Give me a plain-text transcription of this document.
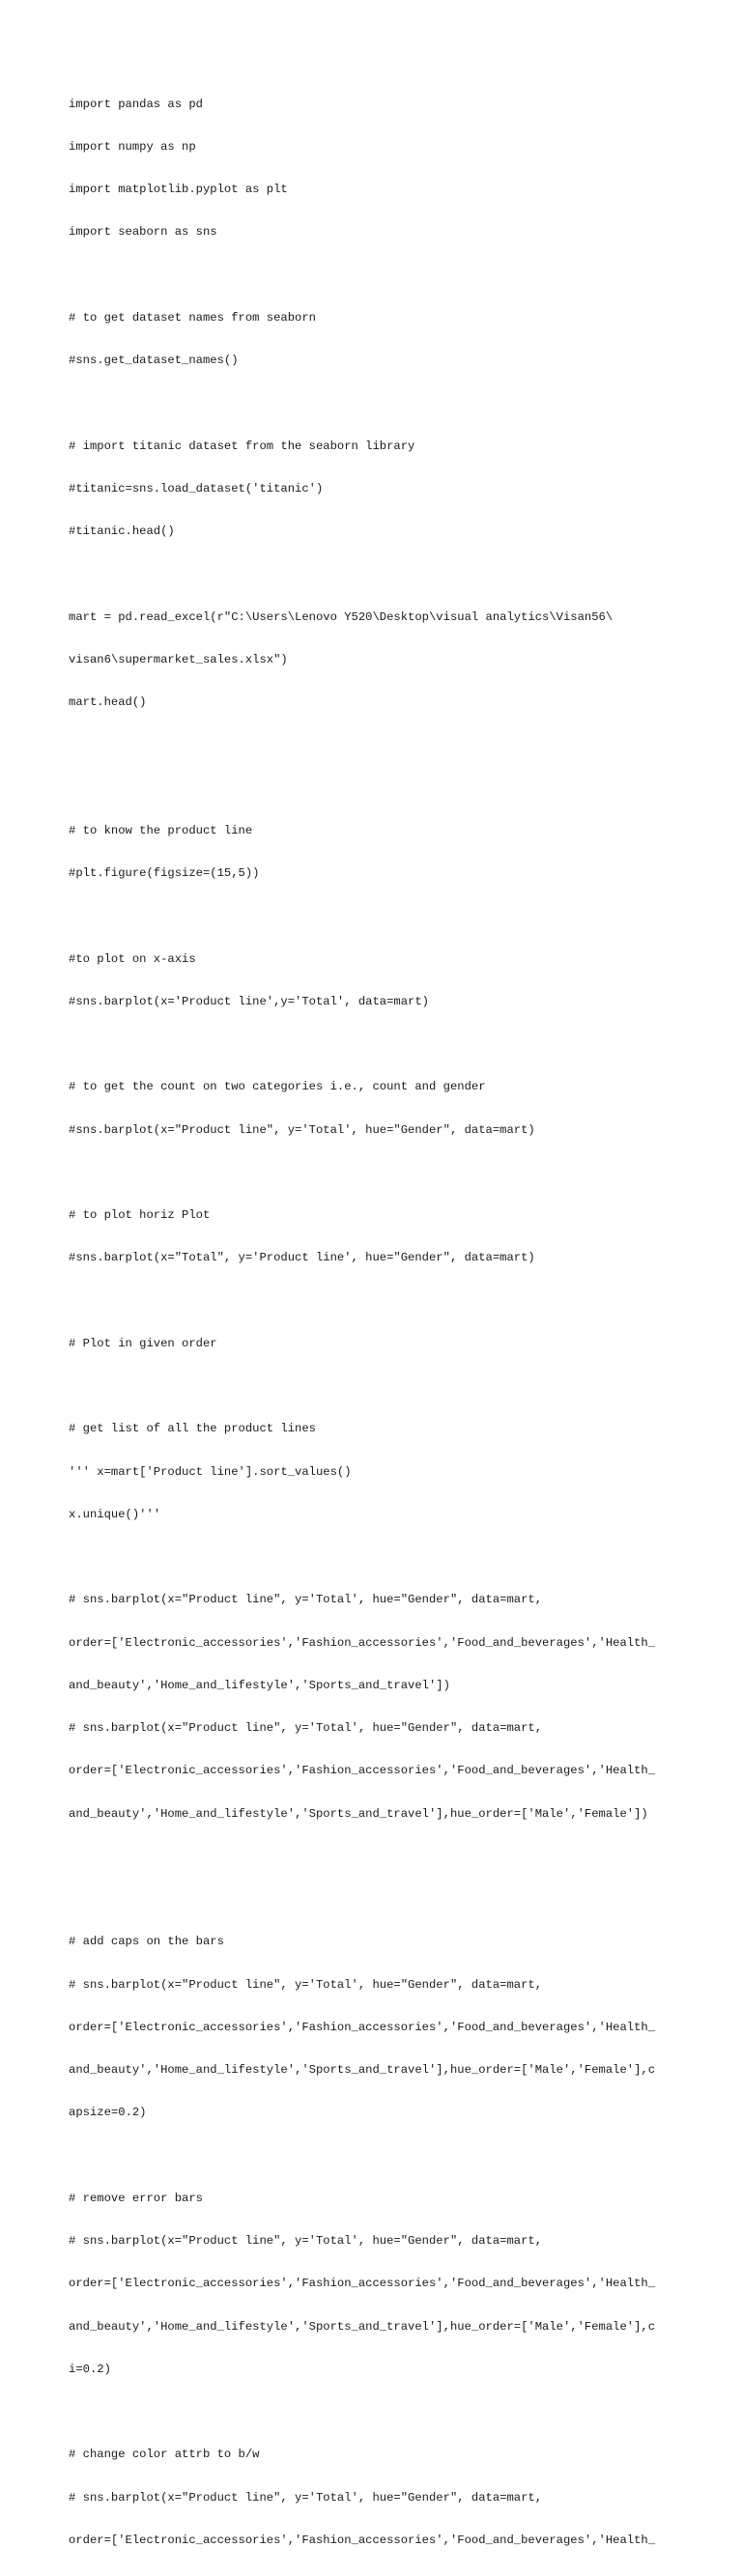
import pandas as pd

import numpy as np

import matplotlib.pyplot as plt

import seaborn as sns

# to get dataset names from seaborn

#sns.get_dataset_names()

# import titanic dataset from the seaborn library

#titanic=sns.load_dataset('titanic')

#titanic.head()

mart = pd.read_excel(r"C:\Users\Lenovo Y520\Desktop\visual analytics\Visan56\

visan6\supermarket_sales.xlsx")

mart.head()

# to know the product line

#plt.figure(figsize=(15,5))

#to plot on x-axis

#sns.barplot(x='Product line',y='Total', data=mart)

# to get the count on two categories i.e., count and gender

#sns.barplot(x="Product line", y='Total', hue="Gender", data=mart)

# to plot horiz Plot

#sns.barplot(x="Total", y='Product line', hue="Gender", data=mart)

# Plot in given order

# get list of all the product lines

''' x=mart['Product line'].sort_values()

x.unique()'''

# sns.barplot(x="Product line", y='Total', hue="Gender", data=mart,

order=['Electronic_accessories','Fashion_accessories','Food_and_beverages','Health_

and_beauty','Home_and_lifestyle','Sports_and_travel'])

# sns.barplot(x="Product line", y='Total', hue="Gender", data=mart,

order=['Electronic_accessories','Fashion_accessories','Food_and_beverages','Health_

and_beauty','Home_and_lifestyle','Sports_and_travel'],hue_order=['Male','Female'])

# add caps on the bars

# sns.barplot(x="Product line", y='Total', hue="Gender", data=mart,

order=['Electronic_accessories','Fashion_accessories','Food_and_beverages','Health_

and_beauty','Home_and_lifestyle','Sports_and_travel'],hue_order=['Male','Female'],c

apsize=0.2)

# remove error bars

# sns.barplot(x="Product line", y='Total', hue="Gender", data=mart,

order=['Electronic_accessories','Fashion_accessories','Food_and_beverages','Health_

and_beauty','Home_and_lifestyle','Sports_and_travel'],hue_order=['Male','Female'],c

i=0.2)

# change color attrb to b/w

# sns.barplot(x="Product line", y='Total', hue="Gender", data=mart,

order=['Electronic_accessories','Fashion_accessories','Food_and_beverages','Health_
